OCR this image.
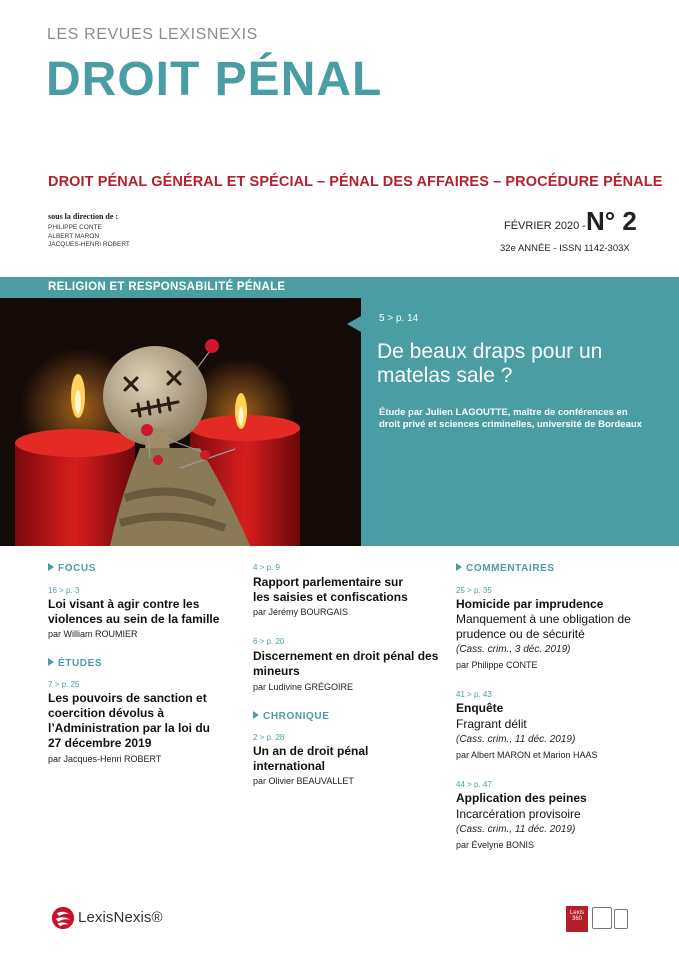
LES REVUES LEXISNEXIS
DROIT PÉNAL
DROIT PÉNAL GÉNÉRAL ET SPÉCIAL – PÉNAL DES AFFAIRES – PROCÉDURE PÉNALE
sous la direction de :
PHILIPPE CONTE
ALBERT MARON
JACQUES-HENRI ROBERT
FÉVRIER 2020 - N° 2
32e ANNÉE - ISSN 1142-303X
RELIGION ET RESPONSABILITÉ PÉNALE
5 > p. 14
De beaux draps pour un matelas sale ?
Étude par Julien LAGOUTTE, maître de conférences en droit privé et sciences criminelles, université de Bordeaux
FOCUS
16 > p. 3
Loi visant à agir contre les violences au sein de la famille
par William ROUMIER
ÉTUDES
7 > p. 25
Les pouvoirs de sanction et coercition dévolus à l’Administration par la loi du 27 décembre 2019
par Jacques-Henri ROBERT
4 > p. 9
Rapport parlementaire sur les saisies et confiscations
par Jérémy BOURGAIS
6 > p. 20
Discernement en droit pénal des mineurs
par Ludivine GRÉGOIRE
CHRONIQUE
2 > p. 28
Un an de droit pénal international
par Olivier BEAUVALLET
COMMENTAIRES
25 > p. 35
Homicide par imprudence
Manquement à une obligation de prudence ou de sécurité
(Cass. crim., 3 déc. 2019)
par Philippe CONTE
41 > p. 43
Enquête
Fragrant délit
(Cass. crim., 11 déc. 2019)
par Albert MARON et Marion HAAS
44 > p. 47
Application des peines
Incarcération provisoire
(Cass. crim., 11 déc. 2019)
par Évelyne BONIS
LexisNexis®	Lexis 360
